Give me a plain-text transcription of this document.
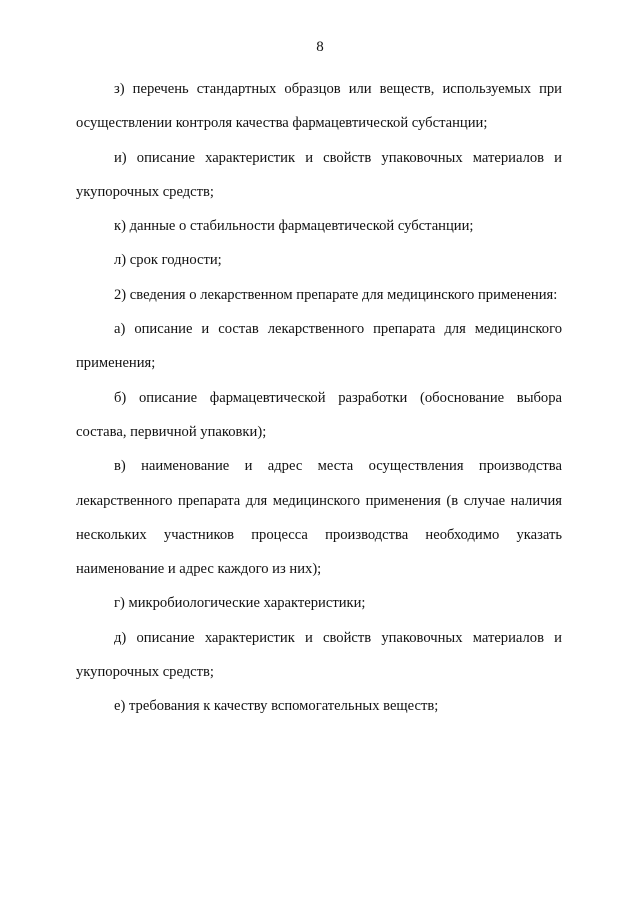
8

з) перечень стандартных образцов или веществ, используемых при осуществлении контроля качества фармацевтической субстанции;

и) описание характеристик и свойств упаковочных материалов и укупорочных средств;

к) данные о стабильности фармацевтической субстанции;

л) срок годности;

2) сведения о лекарственном препарате для медицинского применения:

а) описание и состав лекарственного препарата для медицинского применения;

б) описание фармацевтической разработки (обоснование выбора состава, первичной упаковки);

в) наименование и адрес места осуществления производства лекарственного препарата для медицинского применения (в случае наличия нескольких участников процесса производства необходимо указать наименование и адрес каждого из них);

г) микробиологические характеристики;

д) описание характеристик и свойств упаковочных материалов и укупорочных средств;

е) требования к качеству вспомогательных веществ;
